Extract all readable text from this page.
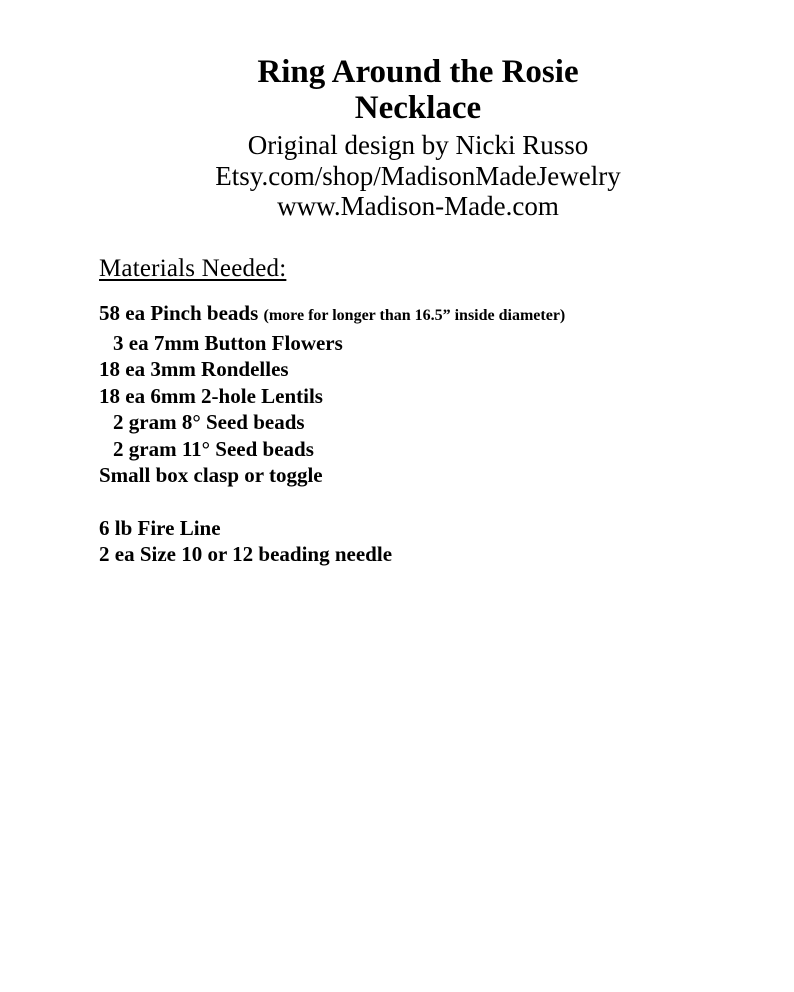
Ring Around the Rosie
Necklace
Original design by Nicki Russo
Etsy.com/shop/MadisonMadeJewelry
www.Madison-Made.com
Materials Needed:
58 ea Pinch beads (more for longer than 16.5” inside diameter)
3 ea 7mm Button Flowers
18 ea 3mm Rondelles
18 ea 6mm 2-hole Lentils
2 gram 8° Seed beads
2 gram 11° Seed beads
Small box clasp or toggle
6 lb Fire Line
2 ea Size 10 or 12 beading needle
